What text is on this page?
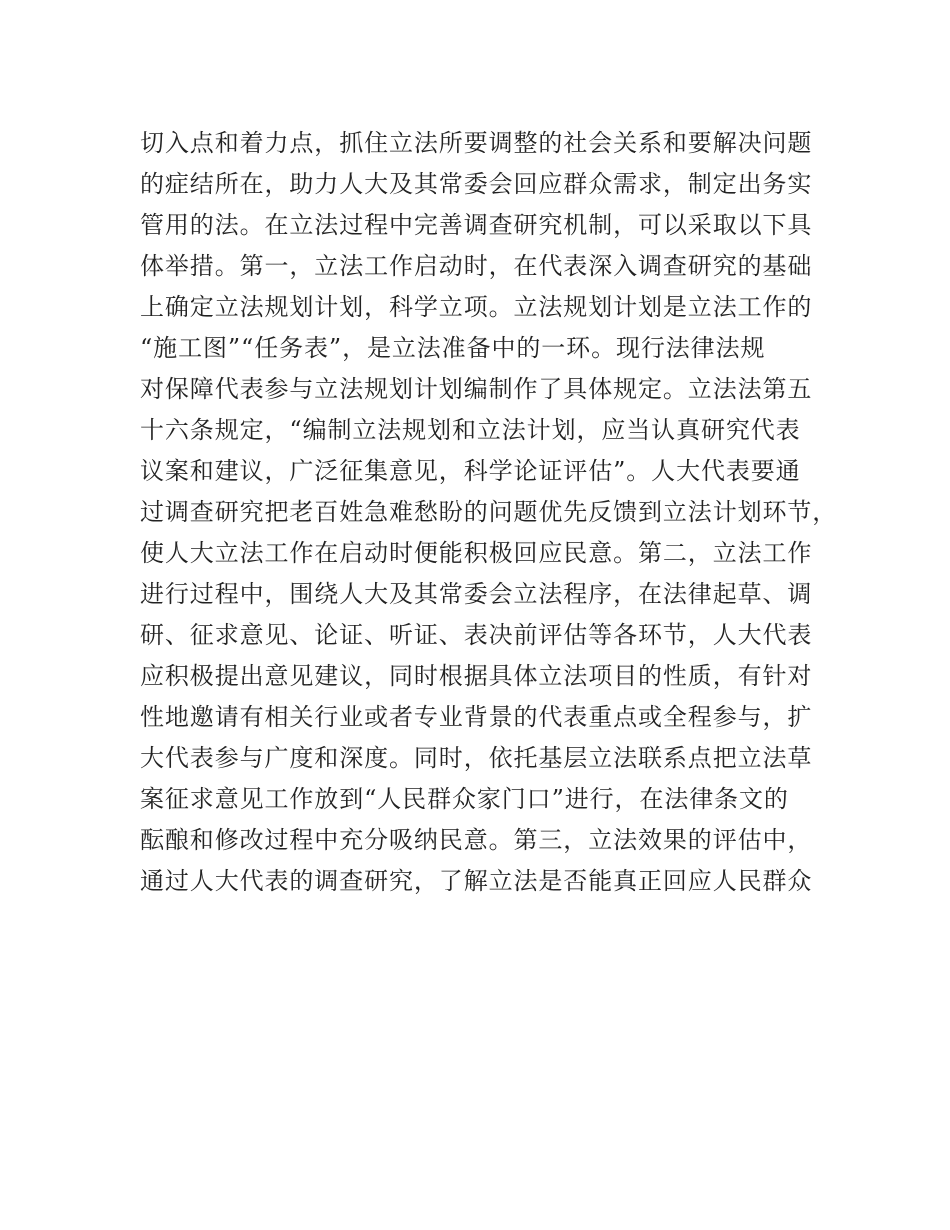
切入点和着力点，抓住立法所要调整的社会关系和要解决问题
的症结所在，助力人大及其常委会回应群众需求，制定出务实
管用的法。在立法过程中完善调查研究机制，可以采取以下具
体举措。第一，立法工作启动时，在代表深入调查研究的基础
上确定立法规划计划，科学立项。立法规划计划是立法工作的
“施工图”“任务表”，是立法准备中的一环。现行法律法规
对保障代表参与立法规划计划编制作了具体规定。立法法第五
十六条规定，“编制立法规划和立法计划，应当认真研究代表
议案和建议，广泛征集意见，科学论证评估”。人大代表要通
过调查研究把老百姓急难愁盼的问题优先反馈到立法计划环节，
使人大立法工作在启动时便能积极回应民意。第二，立法工作
进行过程中，围绕人大及其常委会立法程序，在法律起草、调
研、征求意见、论证、听证、表决前评估等各环节，人大代表
应积极提出意见建议，同时根据具体立法项目的性质，有针对
性地邀请有相关行业或者专业背景的代表重点或全程参与，扩
大代表参与广度和深度。同时，依托基层立法联系点把立法草
案征求意见工作放到“人民群众家门口”进行，在法律条文的
酝酿和修改过程中充分吸纳民意。第三，立法效果的评估中，
通过人大代表的调查研究，了解立法是否能真正回应人民群众
